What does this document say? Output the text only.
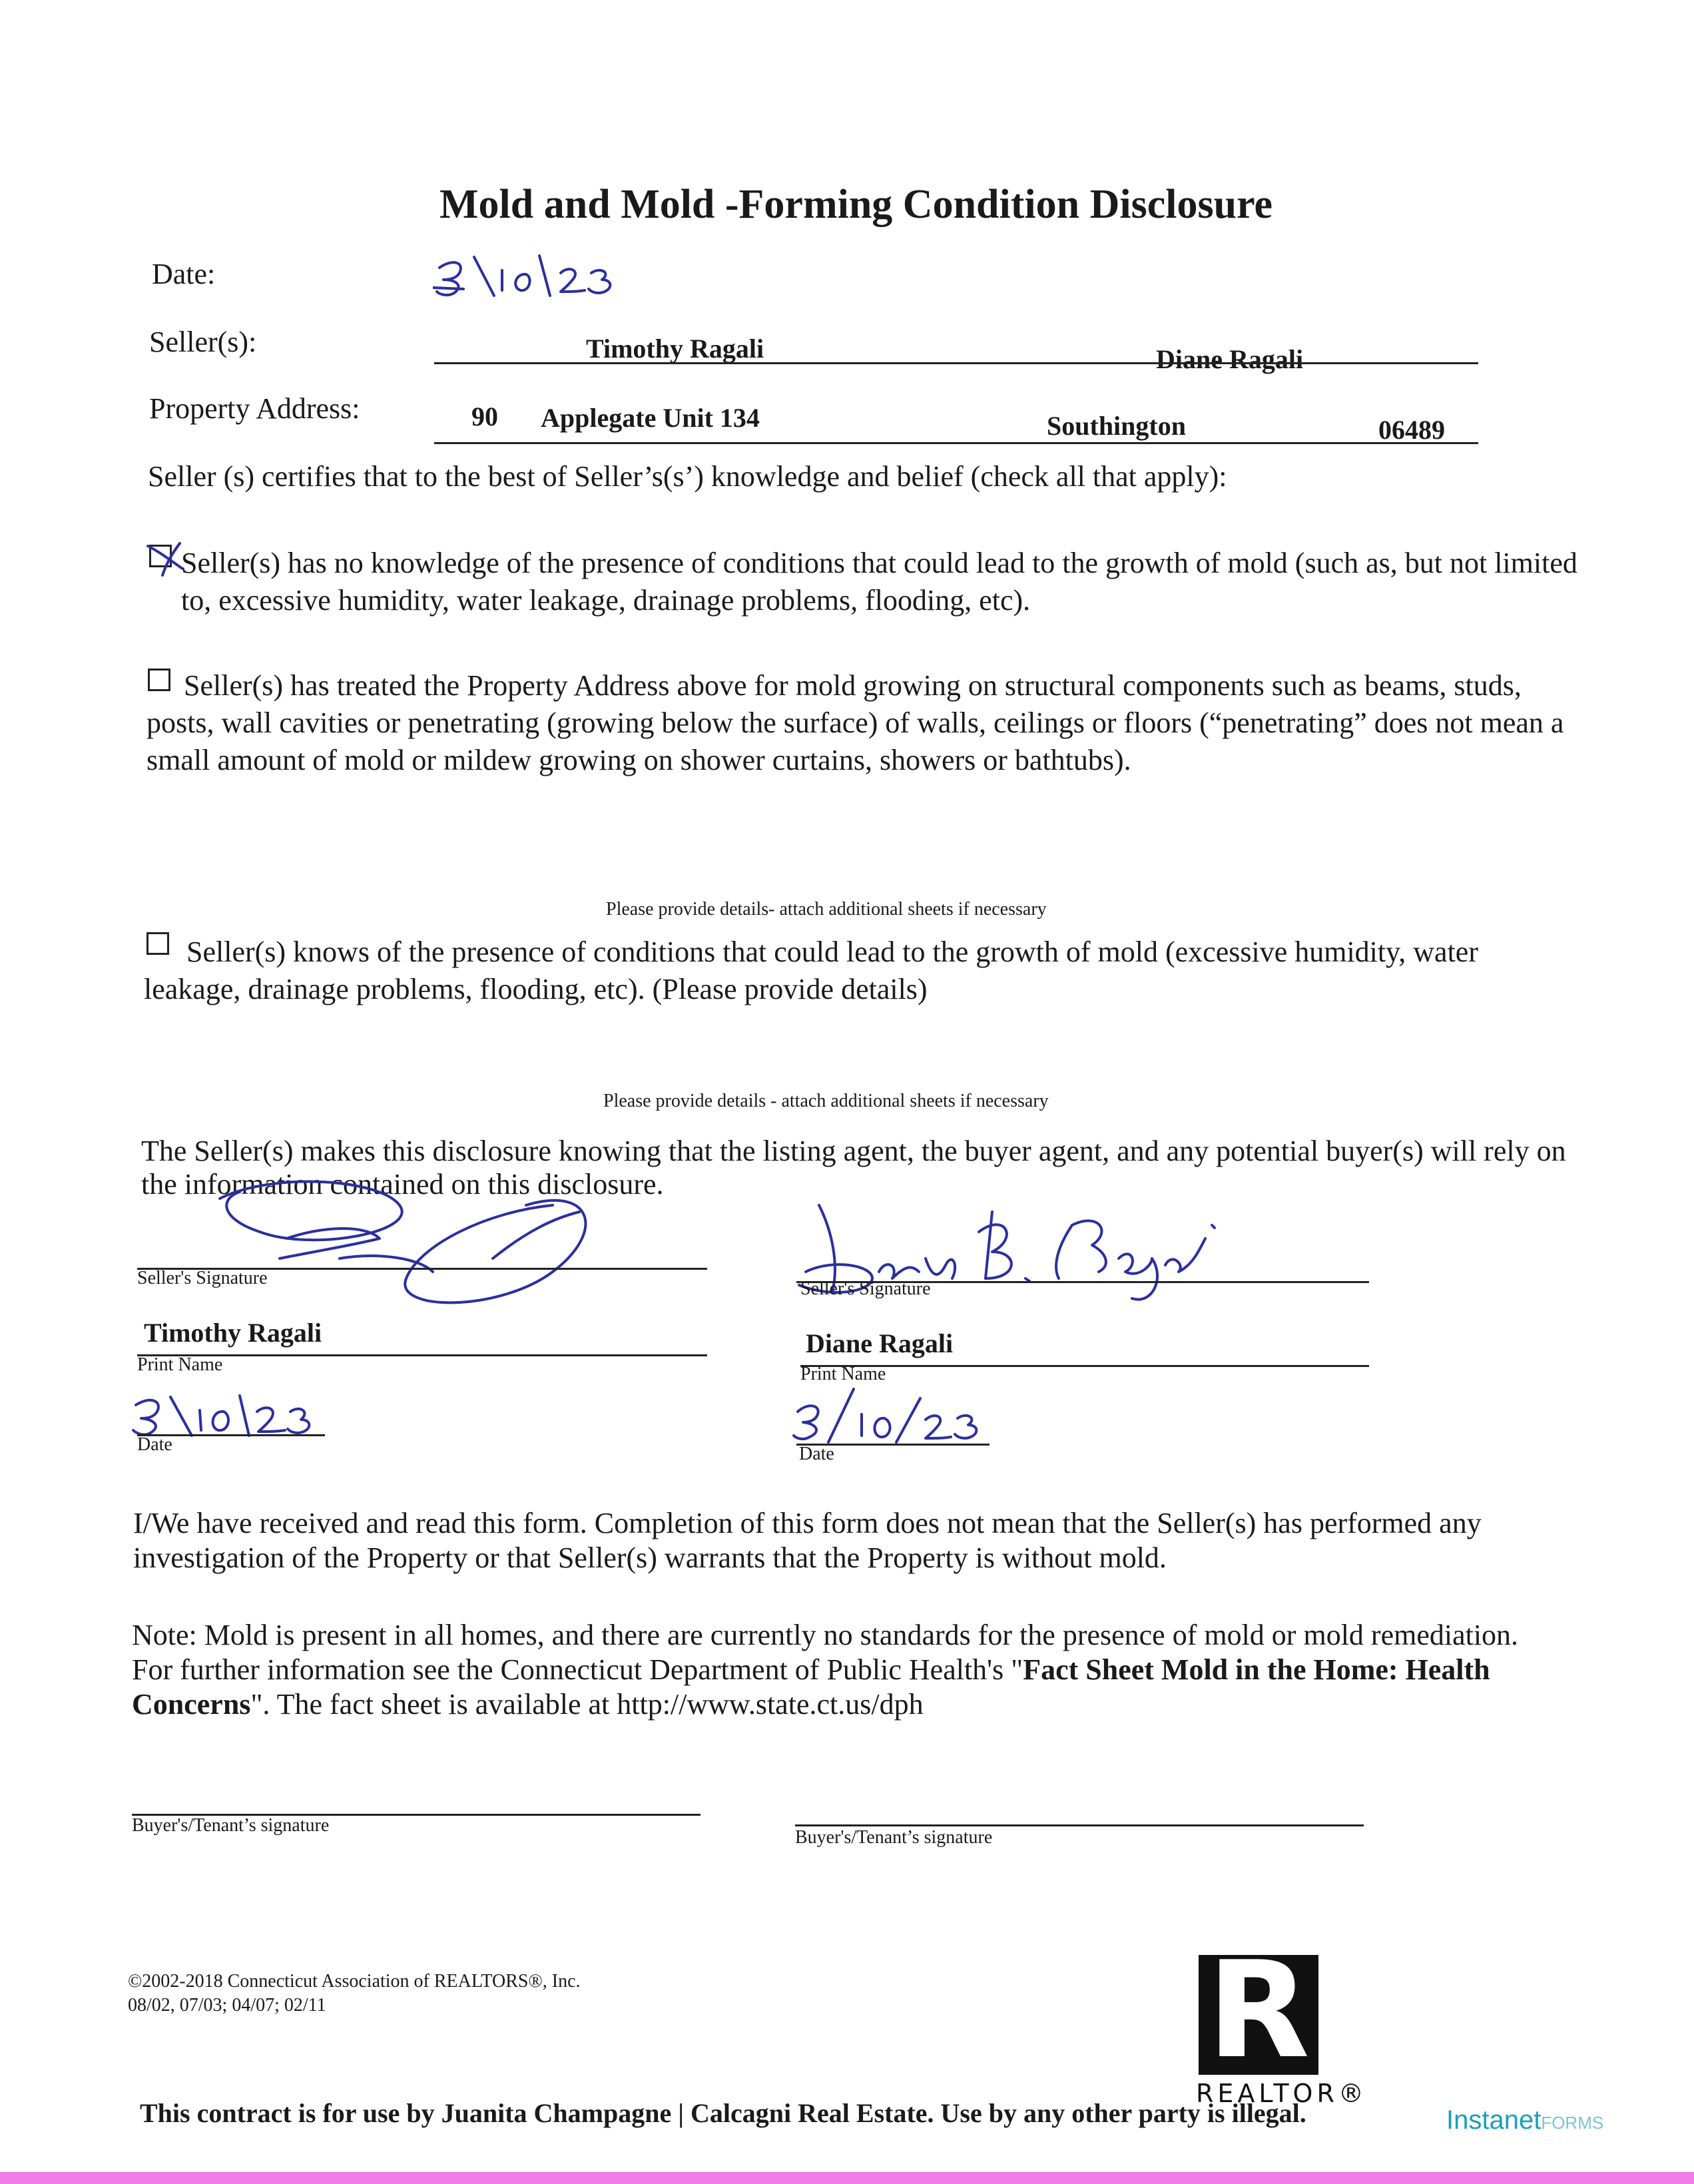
Mold and Mold -Forming Condition Disclosure
Date:
Seller(s):	Timothy Ragali	Diane Ragali
Property Address:	90 Applegate Unit 134	Southington	06489
Seller (s) certifies that to the best of Seller’s(s’) knowledge and belief (check all that apply):
Seller(s) has no knowledge of the presence of conditions that could lead to the growth of mold (such as, but not limited to, excessive humidity, water leakage, drainage problems, flooding, etc).
Seller(s) has treated the Property Address above for mold growing on structural components such as beams, studs, posts, wall cavities or penetrating (growing below the surface) of walls, ceilings or floors (“penetrating” does not mean a small amount of mold or mildew growing on shower curtains, showers or bathtubs).
Please provide details- attach additional sheets if necessary
Seller(s) knows of the presence of conditions that could lead to the growth of mold (excessive humidity, water leakage, drainage problems, flooding, etc). (Please provide details)
Please provide details - attach additional sheets if necessary
The Seller(s) makes this disclosure knowing that the listing agent, the buyer agent, and any potential buyer(s) will rely on the information contained on this disclosure.
Seller's Signature
Timothy Ragali
Print Name
Date
Seller's Signature
Diane Ragali
Print Name
Date
I/We have received and read this form. Completion of this form does not mean that the Seller(s) has performed any investigation of the Property or that Seller(s) warrants that the Property is without mold.
Note: Mold is present in all homes, and there are currently no standards for the presence of mold or mold remediation. For further information see the Connecticut Department of Public Health's "Fact Sheet Mold in the Home: Health Concerns". The fact sheet is available at http://www.state.ct.us/dph
Buyer's/Tenant’s signature
Buyer's/Tenant’s signature
©2002-2018 Connecticut Association of REALTORS®, Inc.
08/02, 07/03; 04/07; 02/11	R
REALTOR®
This contract is for use by Juanita Champagne | Calcagni Real Estate. Use by any other party is illegal.	InstanetFORMS
